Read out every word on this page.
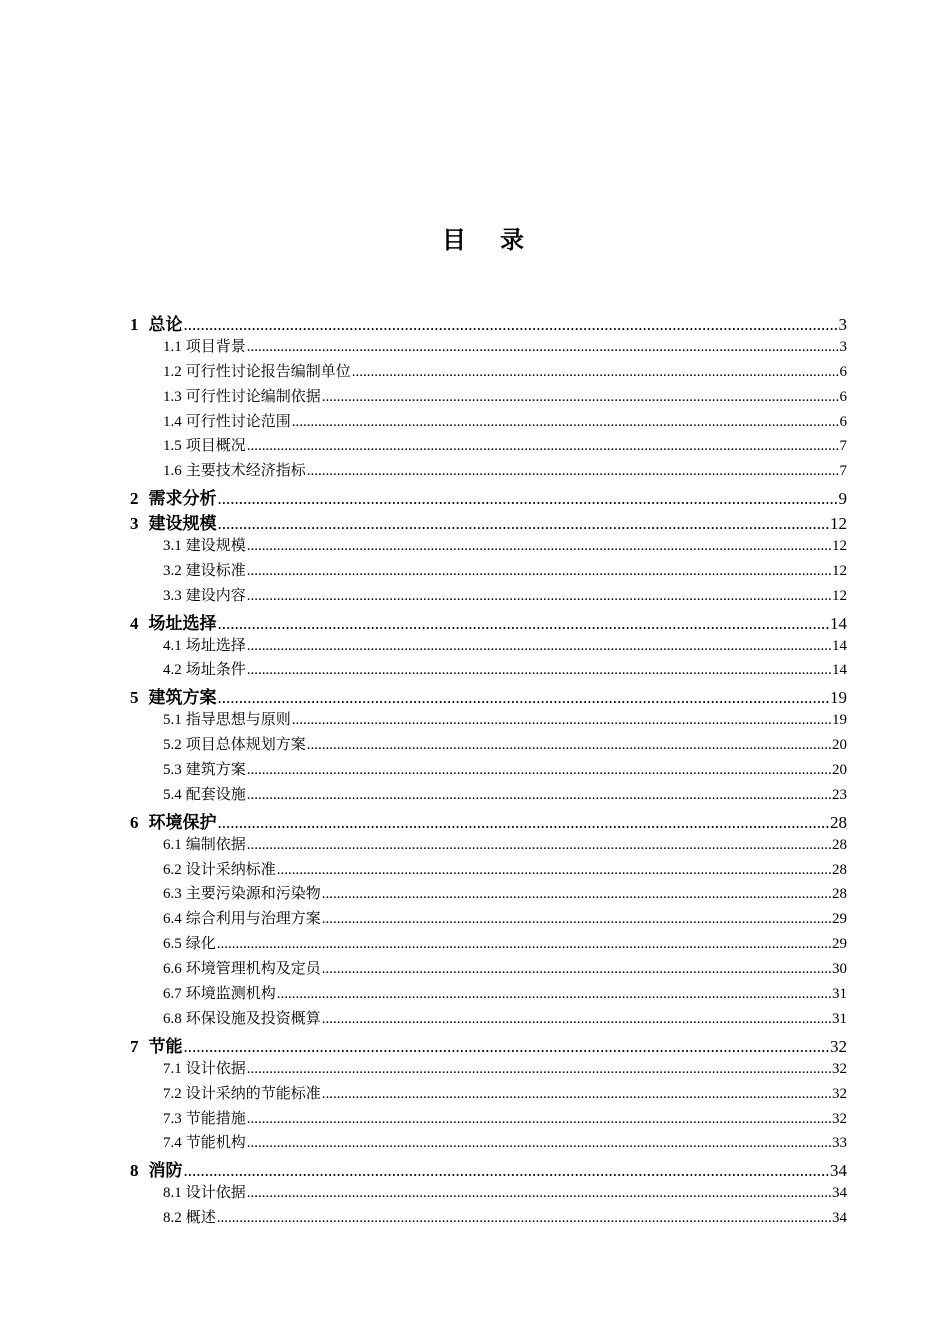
目 录
1 总论 .....	3
1.1 项目背景 .....	3
1.2 可行性讨论报告编制单位 .....	6
1.3 可行性讨论编制依据 .....	6
1.4 可行性讨论范围 .....	6
1.5 项目概况 .....	7
1.6 主要技术经济指标 .....	7
2 需求分析 .....	9
3 建设规模 .....	12
3.1 建设规模 .....	12
3.2 建设标准 .....	12
3.3 建设内容 .....	12
4 场址选择 .....	14
4.1 场址选择 .....	14
4.2 场址条件 .....	14
5 建筑方案 .....	19
5.1 指导思想与原则 .....	19
5.2 项目总体规划方案 .....	20
5.3 建筑方案 .....	20
5.4 配套设施 .....	23
6 环境保护 .....	28
6.1 编制依据 .....	28
6.2 设计采纳标准 .....	28
6.3 主要污染源和污染物 .....	28
6.4 综合利用与治理方案 .....	29
6.5 绿化 .....	29
6.6 环境管理机构及定员 .....	30
6.7 环境监测机构 .....	31
6.8 环保设施及投资概算 .....	31
7 节能 .....	32
7.1 设计依据 .....	32
7.2 设计采纳的节能标准 .....	32
7.3 节能措施 .....	32
7.4 节能机构 .....	33
8 消防 .....	34
8.1 设计依据 .....	34
8.2 概述 .....	34
